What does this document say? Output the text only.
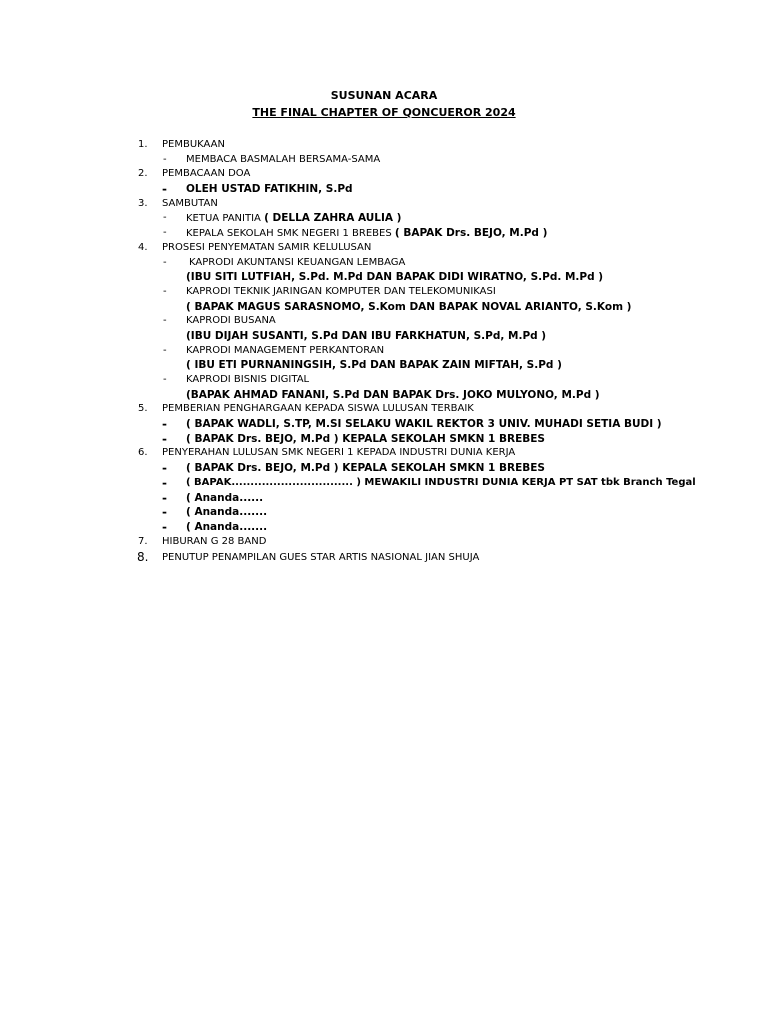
SUSUNAN ACARA
THE FINAL CHAPTER OF QONCUEROR 2024
1. PEMBUKAAN
- MEMBACA BASMALAH BERSAMA-SAMA
2. PEMBACAAN DOA
- OLEH USTAD FATIKHIN, S.Pd
3. SAMBUTAN
- KETUA PANITIA ( DELLA ZAHRA AULIA )
- KEPALA SEKOLAH SMK NEGERI 1 BREBES ( BAPAK Drs. BEJO, M.Pd )
4. PROSESI PENYEMATAN SAMIR KELULUSAN
- KAPRODI AKUNTANSI KEUANGAN LEMBAGA
(IBU SITI LUTFIAH, S.Pd. M.Pd DAN BAPAK DIDI WIRATNO, S.Pd. M.Pd )
- KAPRODI TEKNIK JARINGAN KOMPUTER DAN TELEKOMUNIKASI
( BAPAK MAGUS SARASNOMO, S.Kom DAN BAPAK NOVAL ARIANTO, S.Kom )
- KAPRODI BUSANA
(IBU DIJAH SUSANTI, S.Pd DAN IBU FARKHATUN, S.Pd, M.Pd )
- KAPRODI MANAGEMENT PERKANTORAN
( IBU ETI PURNANINGSIH, S.Pd DAN BAPAK ZAIN MIFTAH, S.Pd )
- KAPRODI BISNIS DIGITAL
(BAPAK AHMAD FANANI, S.Pd DAN BAPAK Drs. JOKO MULYONO, M.Pd )
5. PEMBERIAN PENGHARGAAN KEPADA SISWA LULUSAN TERBAIK
- ( BAPAK WADLI, S.TP, M.SI SELAKU WAKIL REKTOR 3 UNIV. MUHADI SETIA BUDI )
- ( BAPAK Drs. BEJO, M.Pd ) KEPALA SEKOLAH SMKN 1 BREBES
6. PENYERAHAN LULUSAN SMK NEGERI 1 KEPADA INDUSTRI DUNIA KERJA
- ( BAPAK Drs. BEJO, M.Pd ) KEPALA SEKOLAH SMKN 1 BREBES
- ( BAPAK................................ ) MEWAKILI INDUSTRI DUNIA KERJA PT SAT tbk Branch Tegal
- ( Ananda......
- ( Ananda.......
- ( Ananda.......
7. HIBURAN G 28 BAND
8. PENUTUP PENAMPILAN GUES STAR ARTIS NASIONAL JIAN SHUJA
